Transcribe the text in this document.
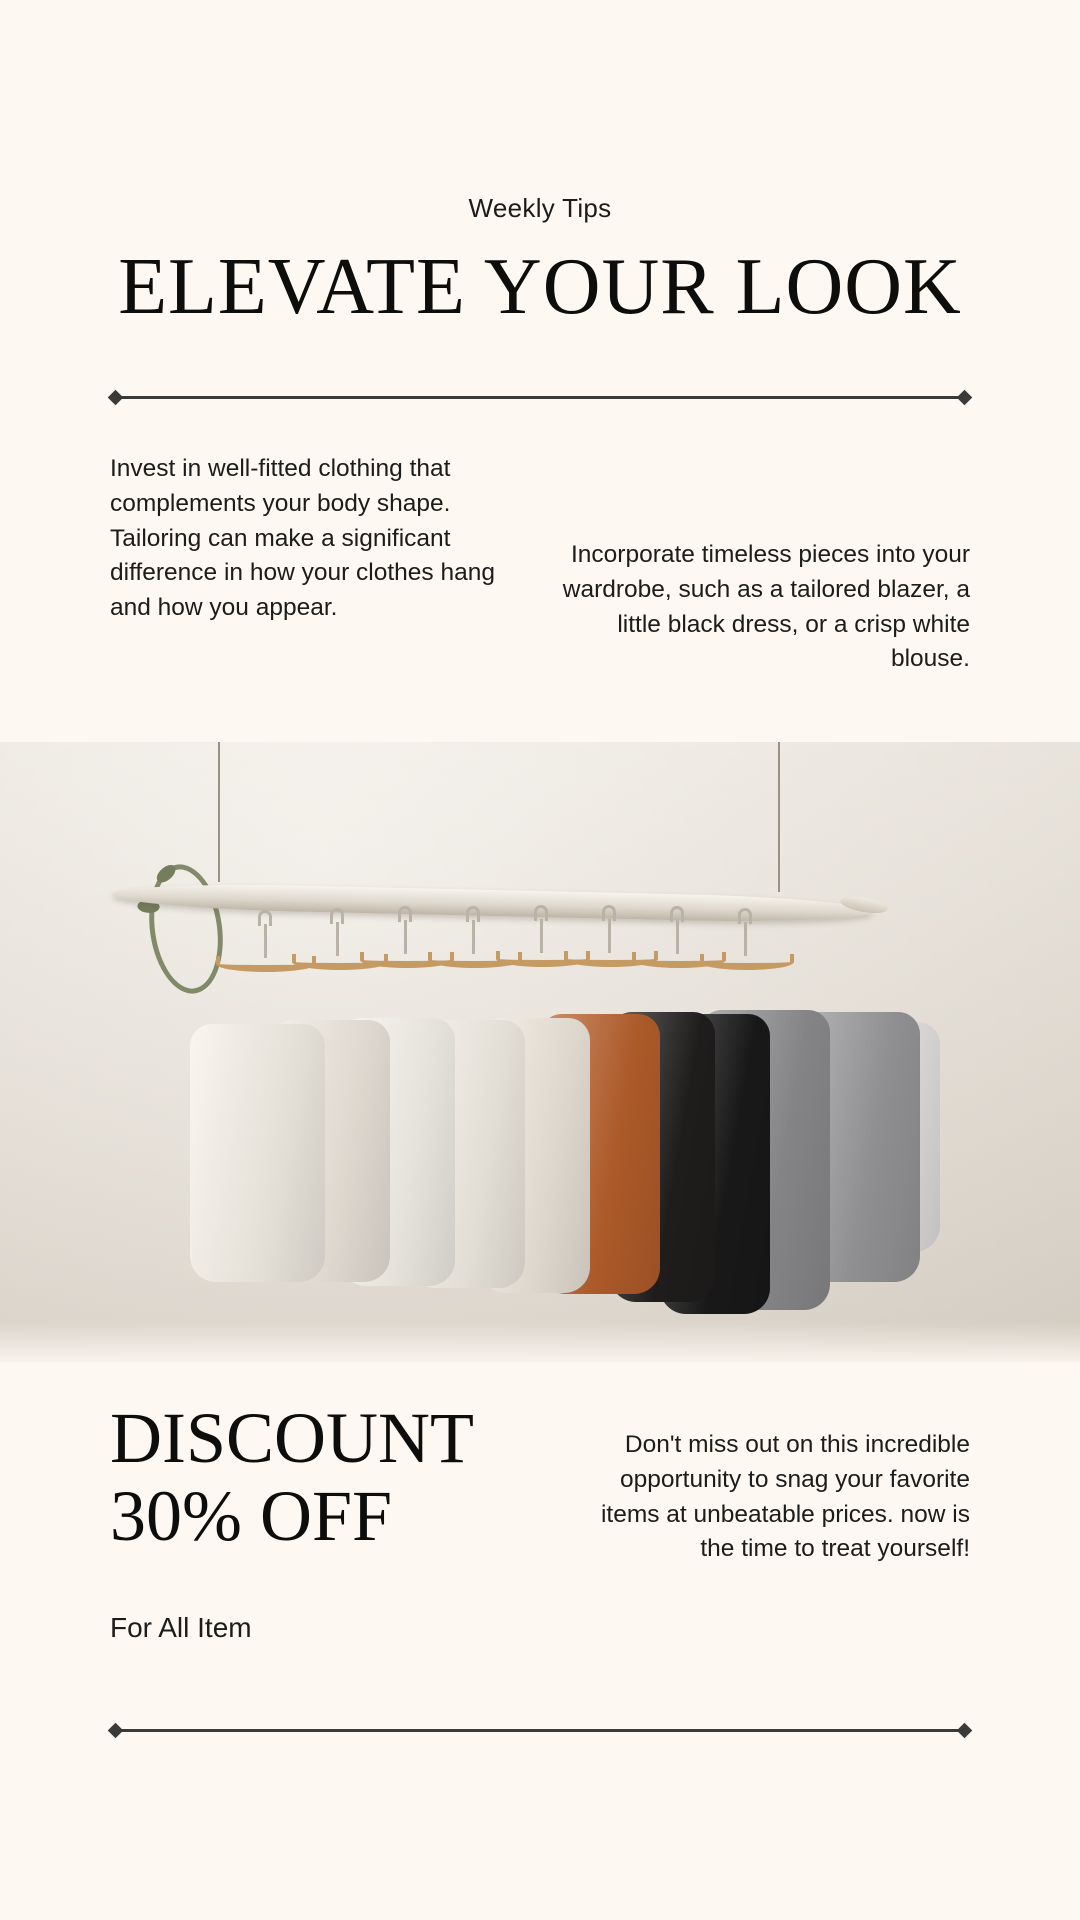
Weekly Tips
ELEVATE YOUR LOOK

Invest in well-fitted clothing that complements your body shape. Tailoring can make a significant difference in how your clothes hang and how you appear.

Incorporate timeless pieces into your wardrobe, such as a tailored blazer, a little black dress, or a crisp white blouse.

DISCOUNT
30% OFF
For All Item

Don't miss out on this incredible opportunity to snag your favorite items at unbeatable prices. now is the time to treat yourself!
